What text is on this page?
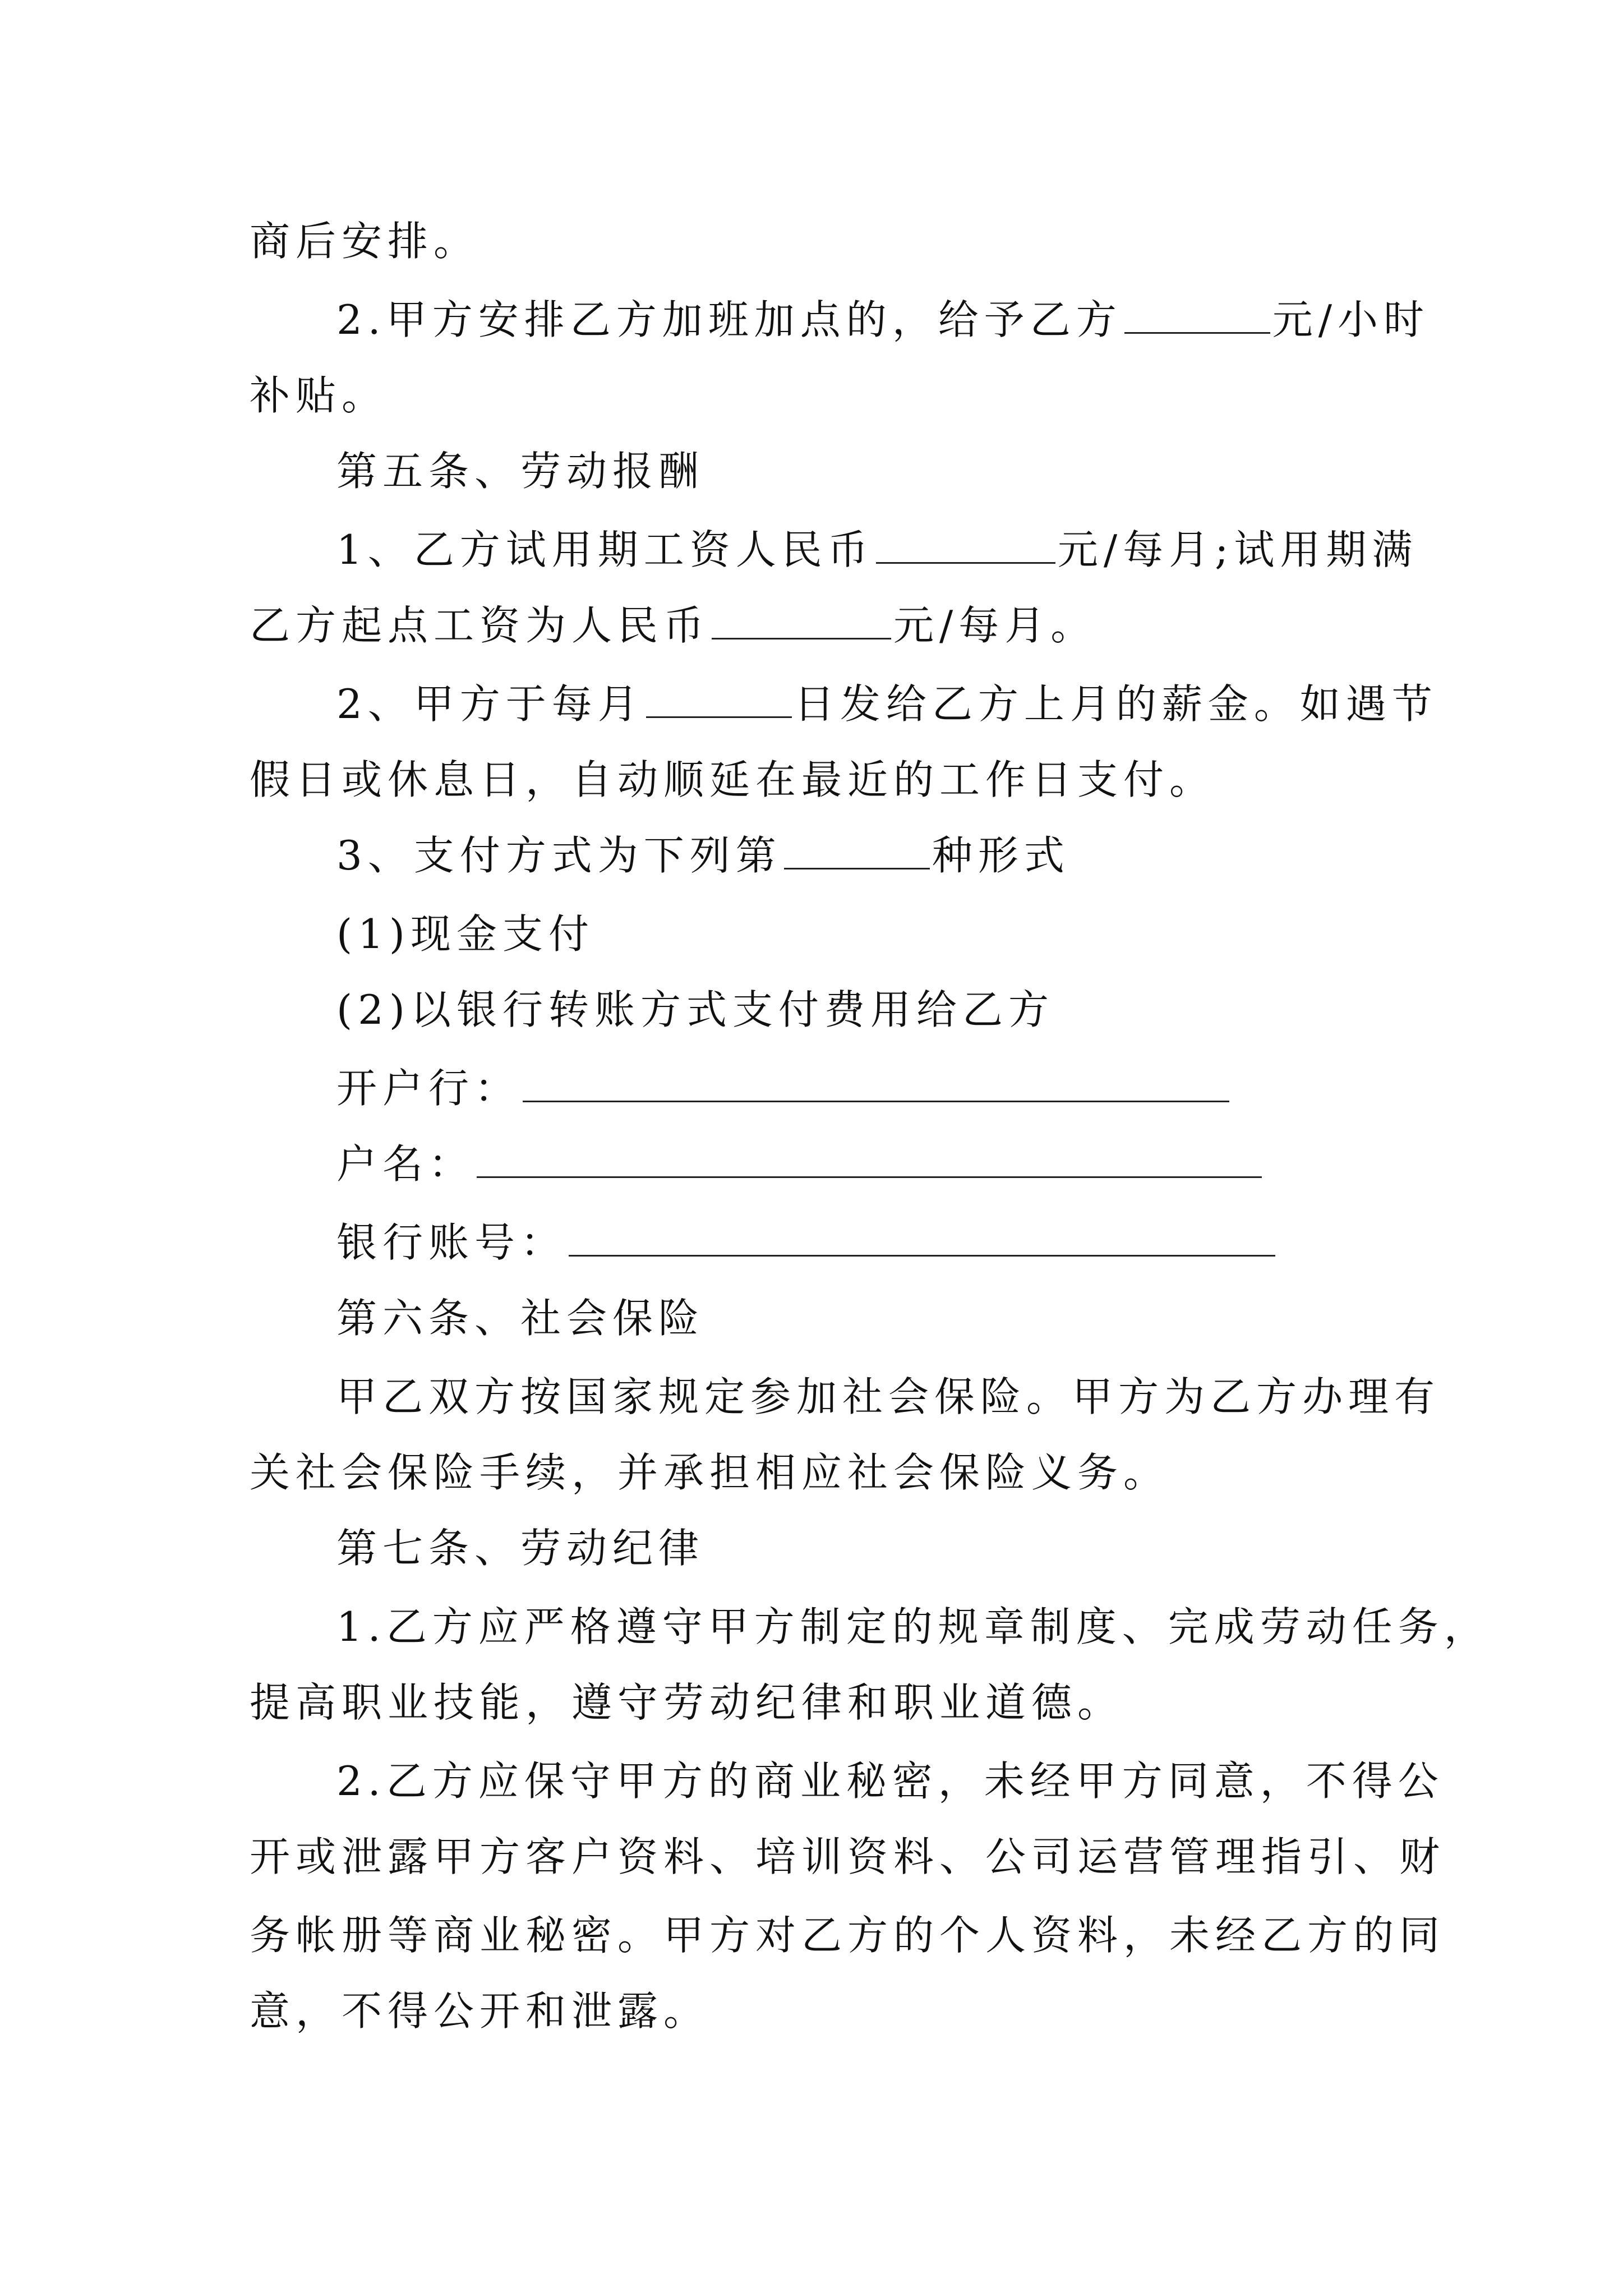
商后安排。
2.甲方安排乙方加班加点的，给予乙方	元/小时
补贴。
第五条、劳动报酬
1、乙方试用期工资人民币	元/每月;试用期满
乙方起点工资为人民币	元/每月。
2、甲方于每月	日发给乙方上月的薪金。如遇节
假日或休息日，自动顺延在最近的工作日支付。
3、支付方式为下列第	种形式
(1)现金支付
(2)以银行转账方式支付费用给乙方
开户行：
户名：
银行账号：
第六条、社会保险
甲乙双方按国家规定参加社会保险。甲方为乙方办理有
关社会保险手续，并承担相应社会保险义务。
第七条、劳动纪律
1.乙方应严格遵守甲方制定的规章制度、完成劳动任务，
提高职业技能，遵守劳动纪律和职业道德。
2.乙方应保守甲方的商业秘密，未经甲方同意，不得公
开或泄露甲方客户资料、培训资料、公司运营管理指引、财
务帐册等商业秘密。甲方对乙方的个人资料，未经乙方的同
意，不得公开和泄露。
